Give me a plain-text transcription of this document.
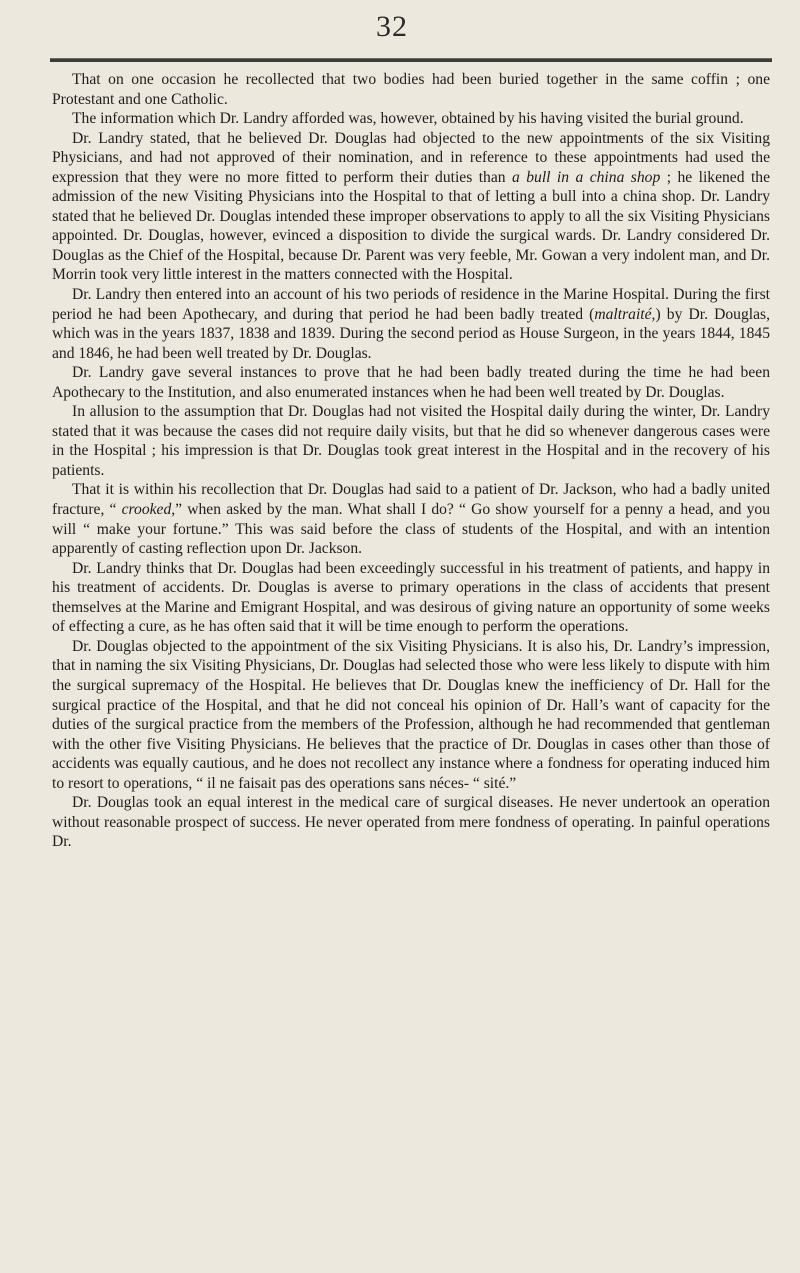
32

That on one occasion he recollected that two bodies had been buried together in the same coffin ; one Protestant and one Catholic.

The information which Dr. Landry afforded was, however, obtained by his having visited the burial ground.

Dr. Landry stated, that he believed Dr. Douglas had objected to the new appointments of the six Visiting Physicians, and had not approved of their nomination, and in reference to these appointments had used the expression that they were no more fitted to perform their duties than a bull in a china shop ; he likened the admission of the new Visiting Physicians into the Hospital to that of letting a bull into a china shop. Dr. Landry stated that he believed Dr. Douglas intended these improper observations to apply to all the six Visiting Physicians appointed. Dr. Douglas, however, evinced a disposition to divide the surgical wards. Dr. Landry considered Dr. Douglas as the Chief of the Hospital, because Dr. Parent was very feeble, Mr. Gowan a very indolent man, and Dr. Morrin took very little interest in the matters connected with the Hospital.

Dr. Landry then entered into an account of his two periods of residence in the Marine Hospital. During the first period he had been Apothecary, and during that period he had been badly treated (maltraité,) by Dr. Douglas, which was in the years 1837, 1838 and 1839. During the second period as House Surgeon, in the years 1844, 1845 and 1846, he had been well treated by Dr. Douglas.

Dr. Landry gave several instances to prove that he had been badly treated during the time he had been Apothecary to the Institution, and also enumerated instances when he had been well treated by Dr. Douglas.

In allusion to the assumption that Dr. Douglas had not visited the Hospital daily during the winter, Dr. Landry stated that it was because the cases did not require daily visits, but that he did so whenever dangerous cases were in the Hospital ; his impression is that Dr. Douglas took great interest in the Hospital and in the recovery of his patients.

That it is within his recollection that Dr. Douglas had said to a patient of Dr. Jackson, who had a badly united fracture, “ crooked,” when asked by the man. What shall I do? “ Go show yourself for a penny a head, and you will “ make your fortune.” This was said before the class of students of the Hospital, and with an intention apparently of casting reflection upon Dr. Jackson.

Dr. Landry thinks that Dr. Douglas had been exceedingly successful in his treatment of patients, and happy in his treatment of accidents. Dr. Douglas is averse to primary operations in the class of accidents that present themselves at the Marine and Emigrant Hospital, and was desirous of giving nature an opportunity of some weeks of effecting a cure, as he has often said that it will be time enough to perform the operations.

Dr. Douglas objected to the appointment of the six Visiting Physicians. It is also his, Dr. Landry’s impression, that in naming the six Visiting Physicians, Dr. Douglas had selected those who were less likely to dispute with him the surgical supremacy of the Hospital. He believes that Dr. Douglas knew the inefficiency of Dr. Hall for the surgical practice of the Hospital, and that he did not conceal his opinion of Dr. Hall’s want of capacity for the duties of the surgical practice from the members of the Profession, although he had recommended that gentleman with the other five Visiting Physicians. He believes that the practice of Dr. Douglas in cases other than those of accidents was equally cautious, and he does not recollect any instance where a fondness for operating induced him to resort to operations, “ il ne faisait pas des operations sans néces- “ sité.”

Dr. Douglas took an equal interest in the medical care of surgical diseases. He never undertook an operation without reasonable prospect of success. He never operated from mere fondness of operating. In painful operations Dr.
